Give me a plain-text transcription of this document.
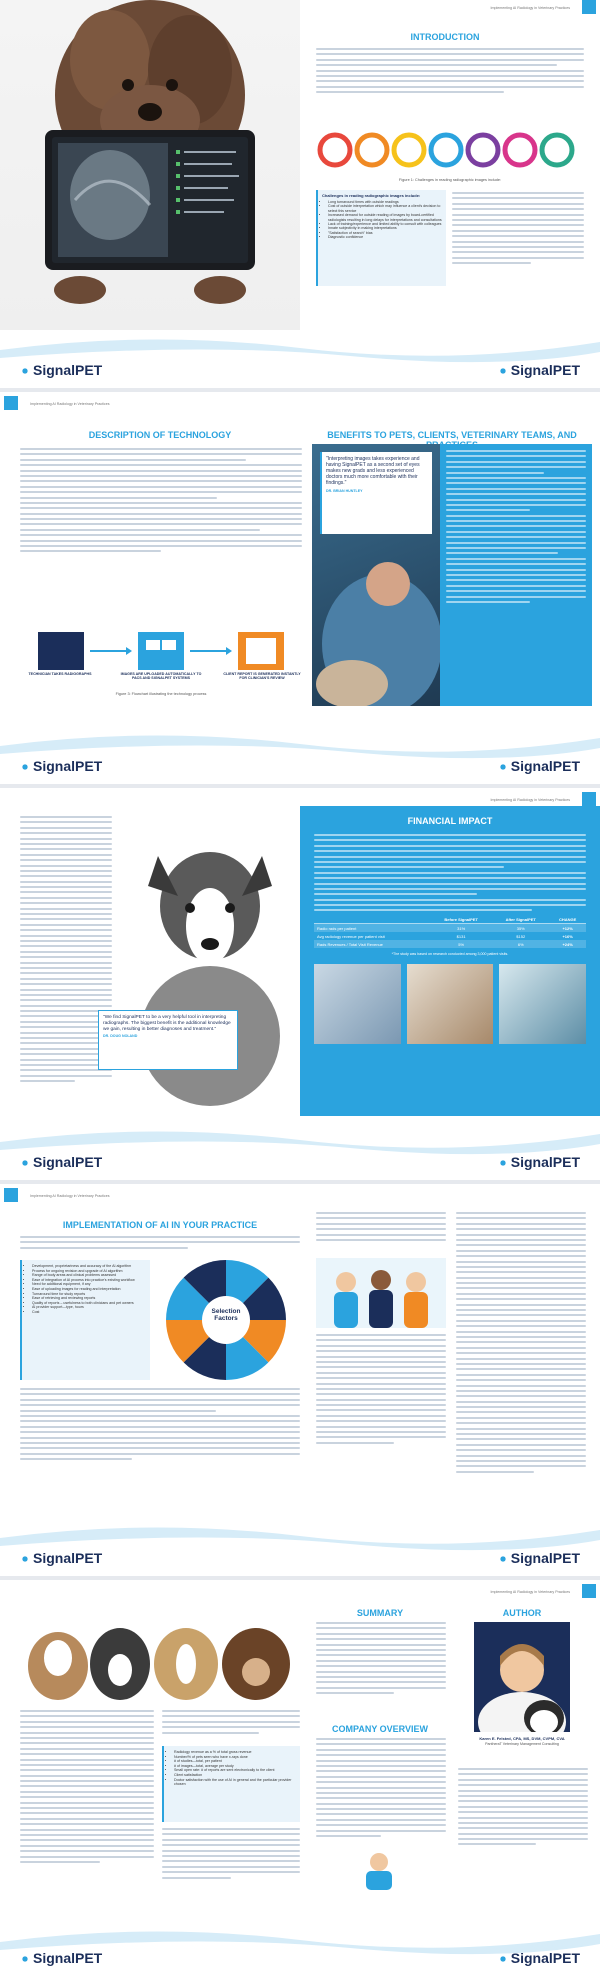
Implementing AI Radiology in Veterinary Practices
INTRODUCTION
Figure 1: Challenges in reading radiographic images include:
Challenges in reading radiographic images include:
• Long turnaround times with outside readings
• Cost of outside interpretation which may influence a client's decision to select this service
• Increased demand for outside reading of images by board-certified radiologists resulting in long delays for interpretations and consultations
• Lack of training/experience and limited ability to consult with colleagues
• Innate subjectivity in making interpretations
• "Satisfaction of search" bias
• Diagnostic confidence
SignalPET	SignalPET
Implementing AI Radiology in Veterinary Practices
DESCRIPTION OF TECHNOLOGY
TECHNICIAN TAKES RADIOGRAPHS	IMAGES ARE UPLOADED AUTOMATICALLY TO PACS AND SIGNALPET SYSTEMS
CLIENT REPORT IS GENERATED INSTANTLY FOR CLINICIAN'S REVIEW
Figure 3: Flowchart illustrating the technology process
BENEFITS TO PETS, CLIENTS, VETERINARY TEAMS, AND
"Interpreting images takes experience and having SignalPET as a second set of eyes makes new grads and less experienced doctors much more comfortable with their findings."
DR. BRIAN HUNTLEY
SignalPET	SignalPET
Implementing AI Radiology in Veterinary Practices
"We find SignalPET to be a very helpful tool in interpreting radiographs. The biggest benefit is the additional knowledge we gain, resulting in better diagnoses and treatment."
DR. DOUG NOLAND
FINANCIAL IMPACT
	Before SignalPET	After SignalPET	CHANGE
Radio rads per patient	31%	35%	+12%
Avg radiology revenue per patient visit	$131	$152	+16%
Rads Revenues / Total Visit Revenue	5%	6%	+24%
*The study was based on research conducted among 3,000 patient visits.
SignalPET	SignalPET
Implementing AI Radiology in Veterinary Practices
IMPLEMENTATION OF AI IN YOUR PRACTICE
• Development, proprietariness and accuracy of the AI algorithm
• Process for ongoing revision and upgrade of AI algorithm
• Range of body areas and clinical problems assessed
• Ease of integration of AI process into practice's existing workflow
• Need for additional equipment, if any
• Ease of uploading images for reading and interpretation
• Turnaround time for study reports
• Ease of retrieving and reviewing reports
• Quality of reports – usefulness to both clinicians and pet owners
• AI provider support—type, hours
• Cost	Selection Factors
SignalPET	SignalPET
Implementing AI Radiology in Veterinary Practices
• Radiology revenue as a % of total gross revenue
• Number/% of pets seen who have x-rays done
• # of studies—total, per patient
• # of images—total, average per study
• Small open rate: # of reports are sent electronically to the client
• Client satisfaction
• Doctor satisfaction with the use of AI in general and the particular provider chosen
SUMMARY
COMPANY OVERVIEW
AUTHOR
Karen E. Felsted, CPA, MS, DVM, CVPM, CVA
PantheraT Veterinary Management Consulting
SignalPET	SignalPET
